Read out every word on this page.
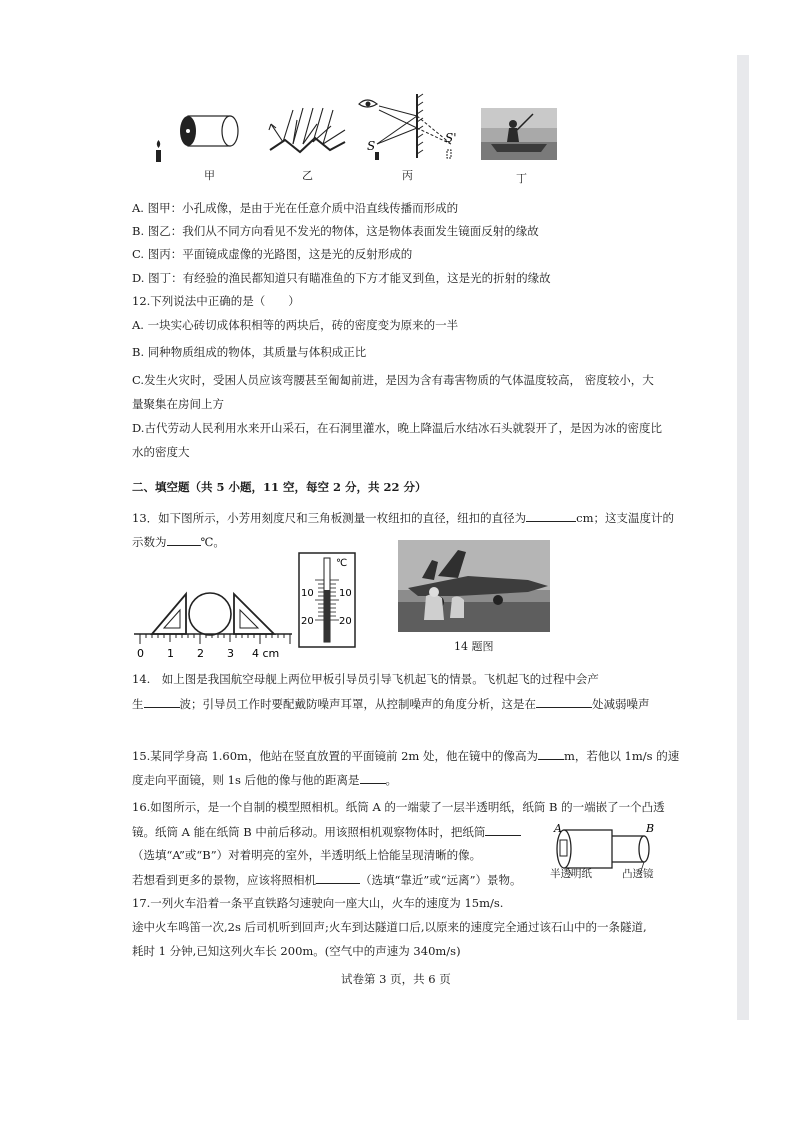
S
S'
甲	乙	丙	丁
A. 图甲：小孔成像，是由于光在任意介质中沿直线传播而形成的
B. 图乙：我们从不同方向看见不发光的物体，这是物体表面发生镜面反射的缘故
C. 图丙：平面镜成虚像的光路图，这是光的反射形成的
D. 图丁：有经验的渔民都知道只有瞄准鱼的下方才能叉到鱼，这是光的折射的缘故
12.下列说法中正确的是（　　）
A. 一块实心砖切成体积相等的两块后，砖的密度变为原来的一半
B. 同种物质组成的物体，其质量与体积成正比
C.发生火灾时，受困人员应该弯腰甚至匍匐前进，是因为含有毒害物质的气体温度较高， 密度较小，大量聚集在房间上方
D.古代劳动人民利用水来开山采石，在石洞里灌水，晚上降温后水结冰石头就裂开了，是因为冰的密度比水的密度大
二、填空题（共 5 小题，11 空，每空 2 分，共 22 分）
13．如下图所示，小芳用刻度尺和三角板测量一枚纽扣的直径，纽扣的直径为	cm；这支温度计的
示数为	℃。
0 1 2 3 4 cm
℃
10
20
10
20
14 题图
14.　如上图是我国航空母舰上两位甲板引导员引导飞机起飞的情景。飞机起飞的过程中会产
生	波；引导员工作时要配戴防噪声耳罩，从控制噪声的角度分析，这是在	处减弱噪声
15.某同学身高 1.60m，他站在竖直放置的平面镜前 2m 处，他在镜中的像高为 m，若他以 1m/s 的速
度走向平面镜，则 1s 后他的像与他的距离是 。
16.如图所示，是一个自制的模型照相机。纸筒 A 的一端蒙了一层半透明纸，纸筒 B 的一端嵌了一个凸透
镜。纸筒 A 能在纸筒 B 中前后移动。用该照相机观察物体时，把纸筒
（选填“A”或“B”）对着明亮的室外，半透明纸上恰能呈现清晰的像。
若想看到更多的景物，应该将照相机	（选填“靠近”或“远离”）景物。
A	B
半透明纸	凸透镜
17.一列火车沿着一条平直铁路匀速驶向一座大山，火车的速度为 15m/s.
途中火车鸣笛一次,2s 后司机听到回声;火车到达隧道口后,以原来的速度完全通过该石山中的一条隧道,
耗时 1 分钟,已知这列火车长 200m。(空气中的声速为 340m/s)
试卷第 3 页，共 6 页
